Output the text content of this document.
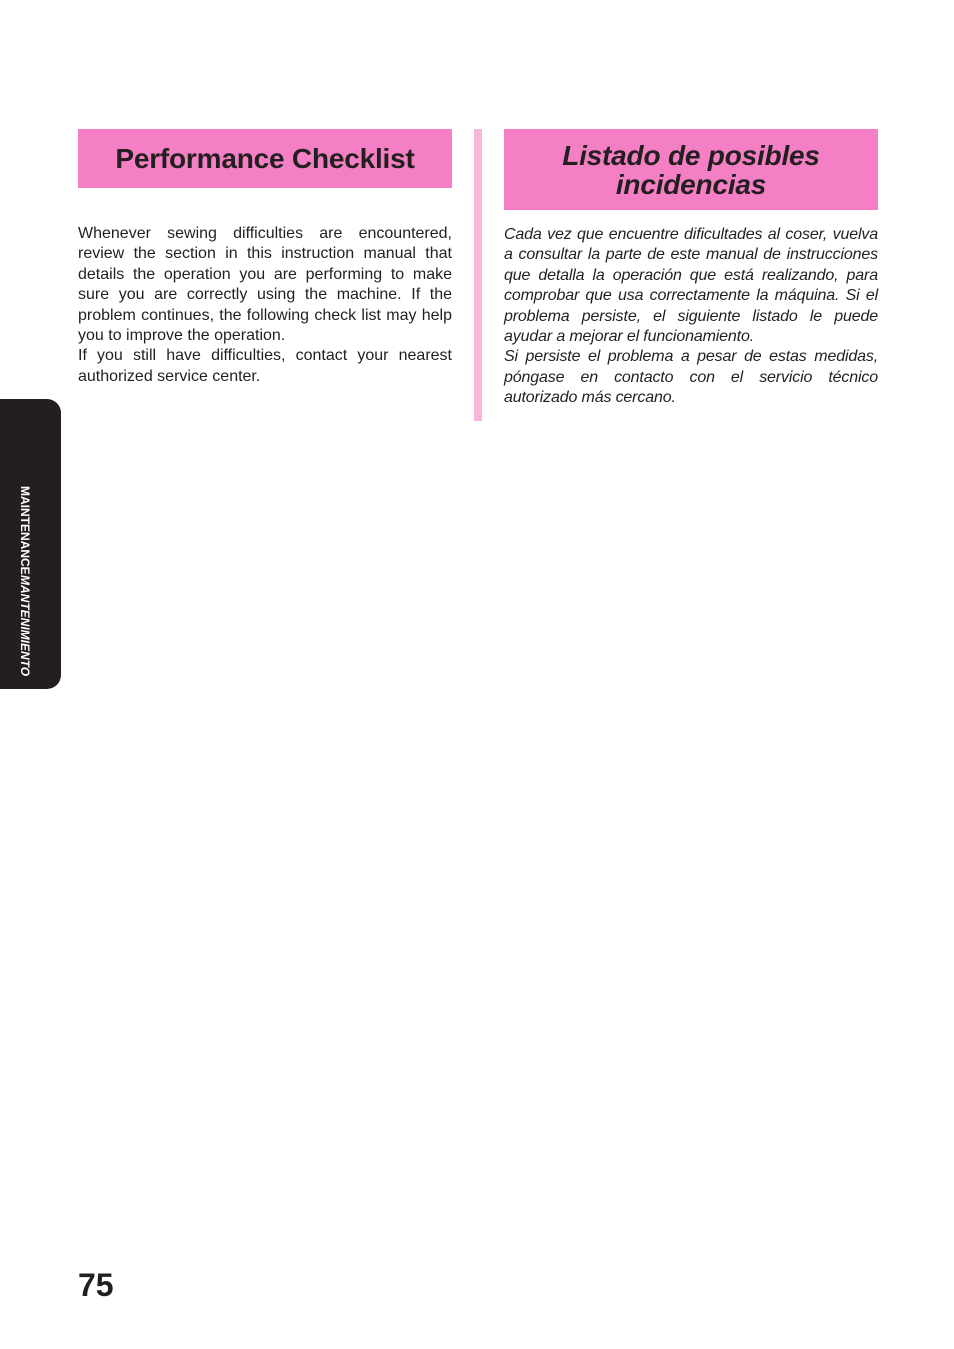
Performance Checklist	Listado de posibles
incidencias

Whenever sewing difficulties are encountered, review the section in this instruction manual that details the operation you are performing to make sure you are correctly using the machine. If the problem continues, the following check list may help you to improve the operation.

If you still have difficulties, contact your nearest authorized service center.

Cada vez que encuentre dificultades al coser, vuelva a consultar la parte de este manual de instrucciones que detalla la operación que está realizando, para comprobar que usa correctamente la máquina. Si el problema persiste, el siguiente listado le puede ayudar a mejorar el funcionamiento.

Si persiste el problema a pesar de estas medidas, póngase en contacto con el servicio técnico autorizado más cercano.

MAINTENANCE
MANTENIMIENTO
75
